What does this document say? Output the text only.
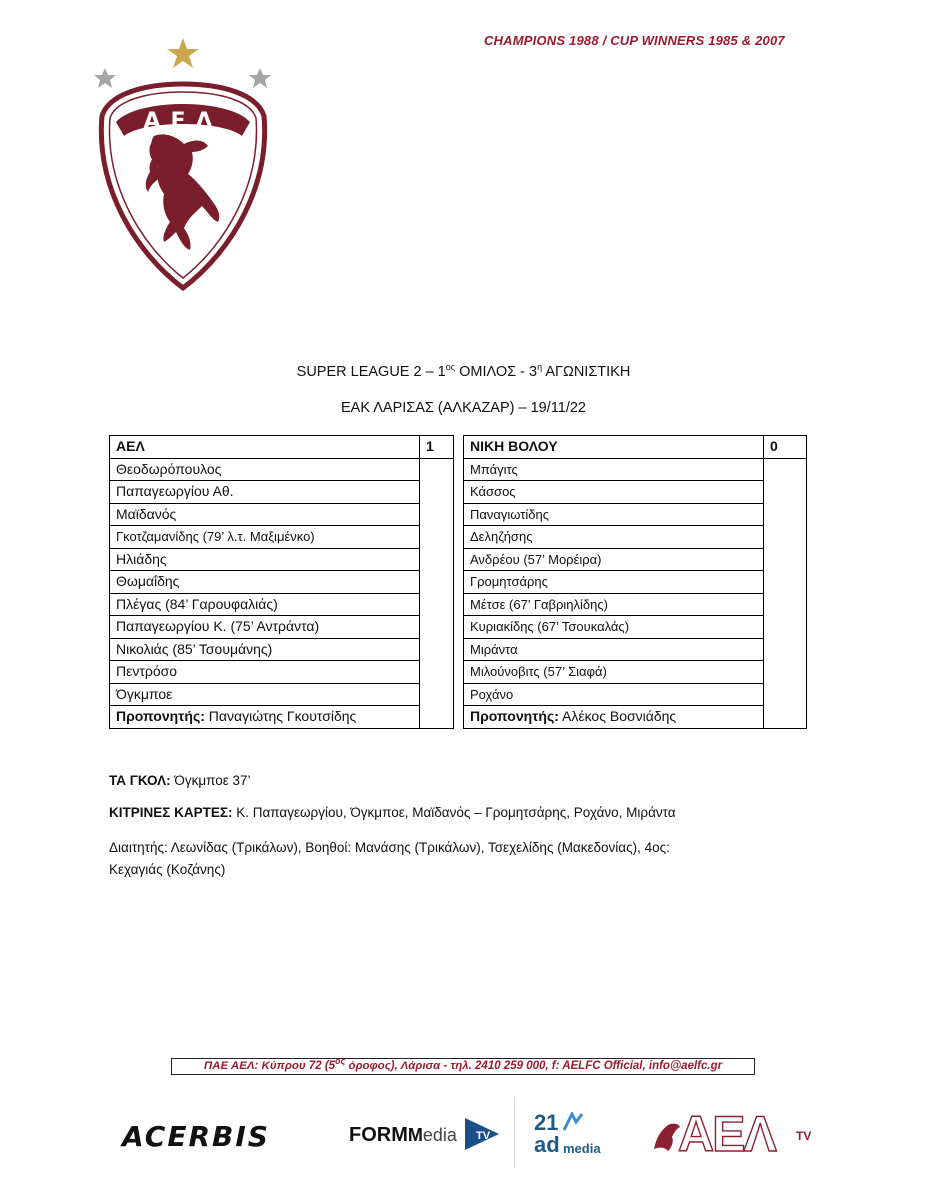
CHAMPIONS 1988 / CUP WINNERS 1985 & 2007
ΑΕΛ
SUPER LEAGUE $2 - 1^{o\varsigma}$ ΟΜΙΛΟΣ - $3^\eta$ ΑΓΩΝΙΣΤΙΚΗ
ΕΑΚ ΛΑΡΙΣΑΣ (ΑΛΚΑΖΑΡ) – 19/11/22
ΑΕΛ	1
Θεοδωρόπουλος	
Παπαγεωργίου Αθ.	
Μαϊδανός	
Γκοτζαμανίδης (79’ λ.τ. Μαξιμένκο)	
Ηλιάδης	
Θωμαΐδης	
Πλέγας (84’ Γαρουφαλιάς)	
Παπαγεωργίου Κ. (75’ Αντράντα)	
Νικολιάς (85’ Τσουμάνης)	
Πεντρόσο	
Όγκμποε	
Προπονητής: Παναγιώτης Γκουτσίδης	
ΝΙΚΗ ΒΟΛΟΥ	0
Μπάγιτς	
Κάσσος	
Παναγιωτίδης	
Δεληζήσης	
Ανδρέου (57’ Μορέιρα)	
Γρομητσάρης	
Μέτσε (67’ Γαβριηλίδης)	
Κυριακίδης (67’ Τσουκαλάς)	
Μιράντα	
Μιλούνοβιτς (57’ Σιαφά)	
Ροχάνο	
Προπονητής: Αλέκος Βοσνιάδης	
ΤΑ ΓΚΟΛ: Όγκμποε 37’
ΚΙΤΡΙΝΕΣ ΚΑΡΤΕΣ: Κ. Παπαγεωργίου, Όγκμποε, Μαϊδανός – Γρομητσάρης, Ροχάνο, Μιράντα
Διαιτητής: Λεωνίδας (Τρικάλων), Βοηθοί: Μανάσης (Τρικάλων), Τσεχελίδης (Μακεδονίας), 4ος:
Κεχαγιάς (Κοζάνης)
ΠΑΕ ΑΕΛ: Κύπρου 72 ($5^{o\varsigma}$ όροφος), Λάρισα - τηλ. 2410 259 000, f: AELFC Official, info@aelfc.gr
ACERBIS	FORMMedia TV
21
ad media ΑΕΛ TV
